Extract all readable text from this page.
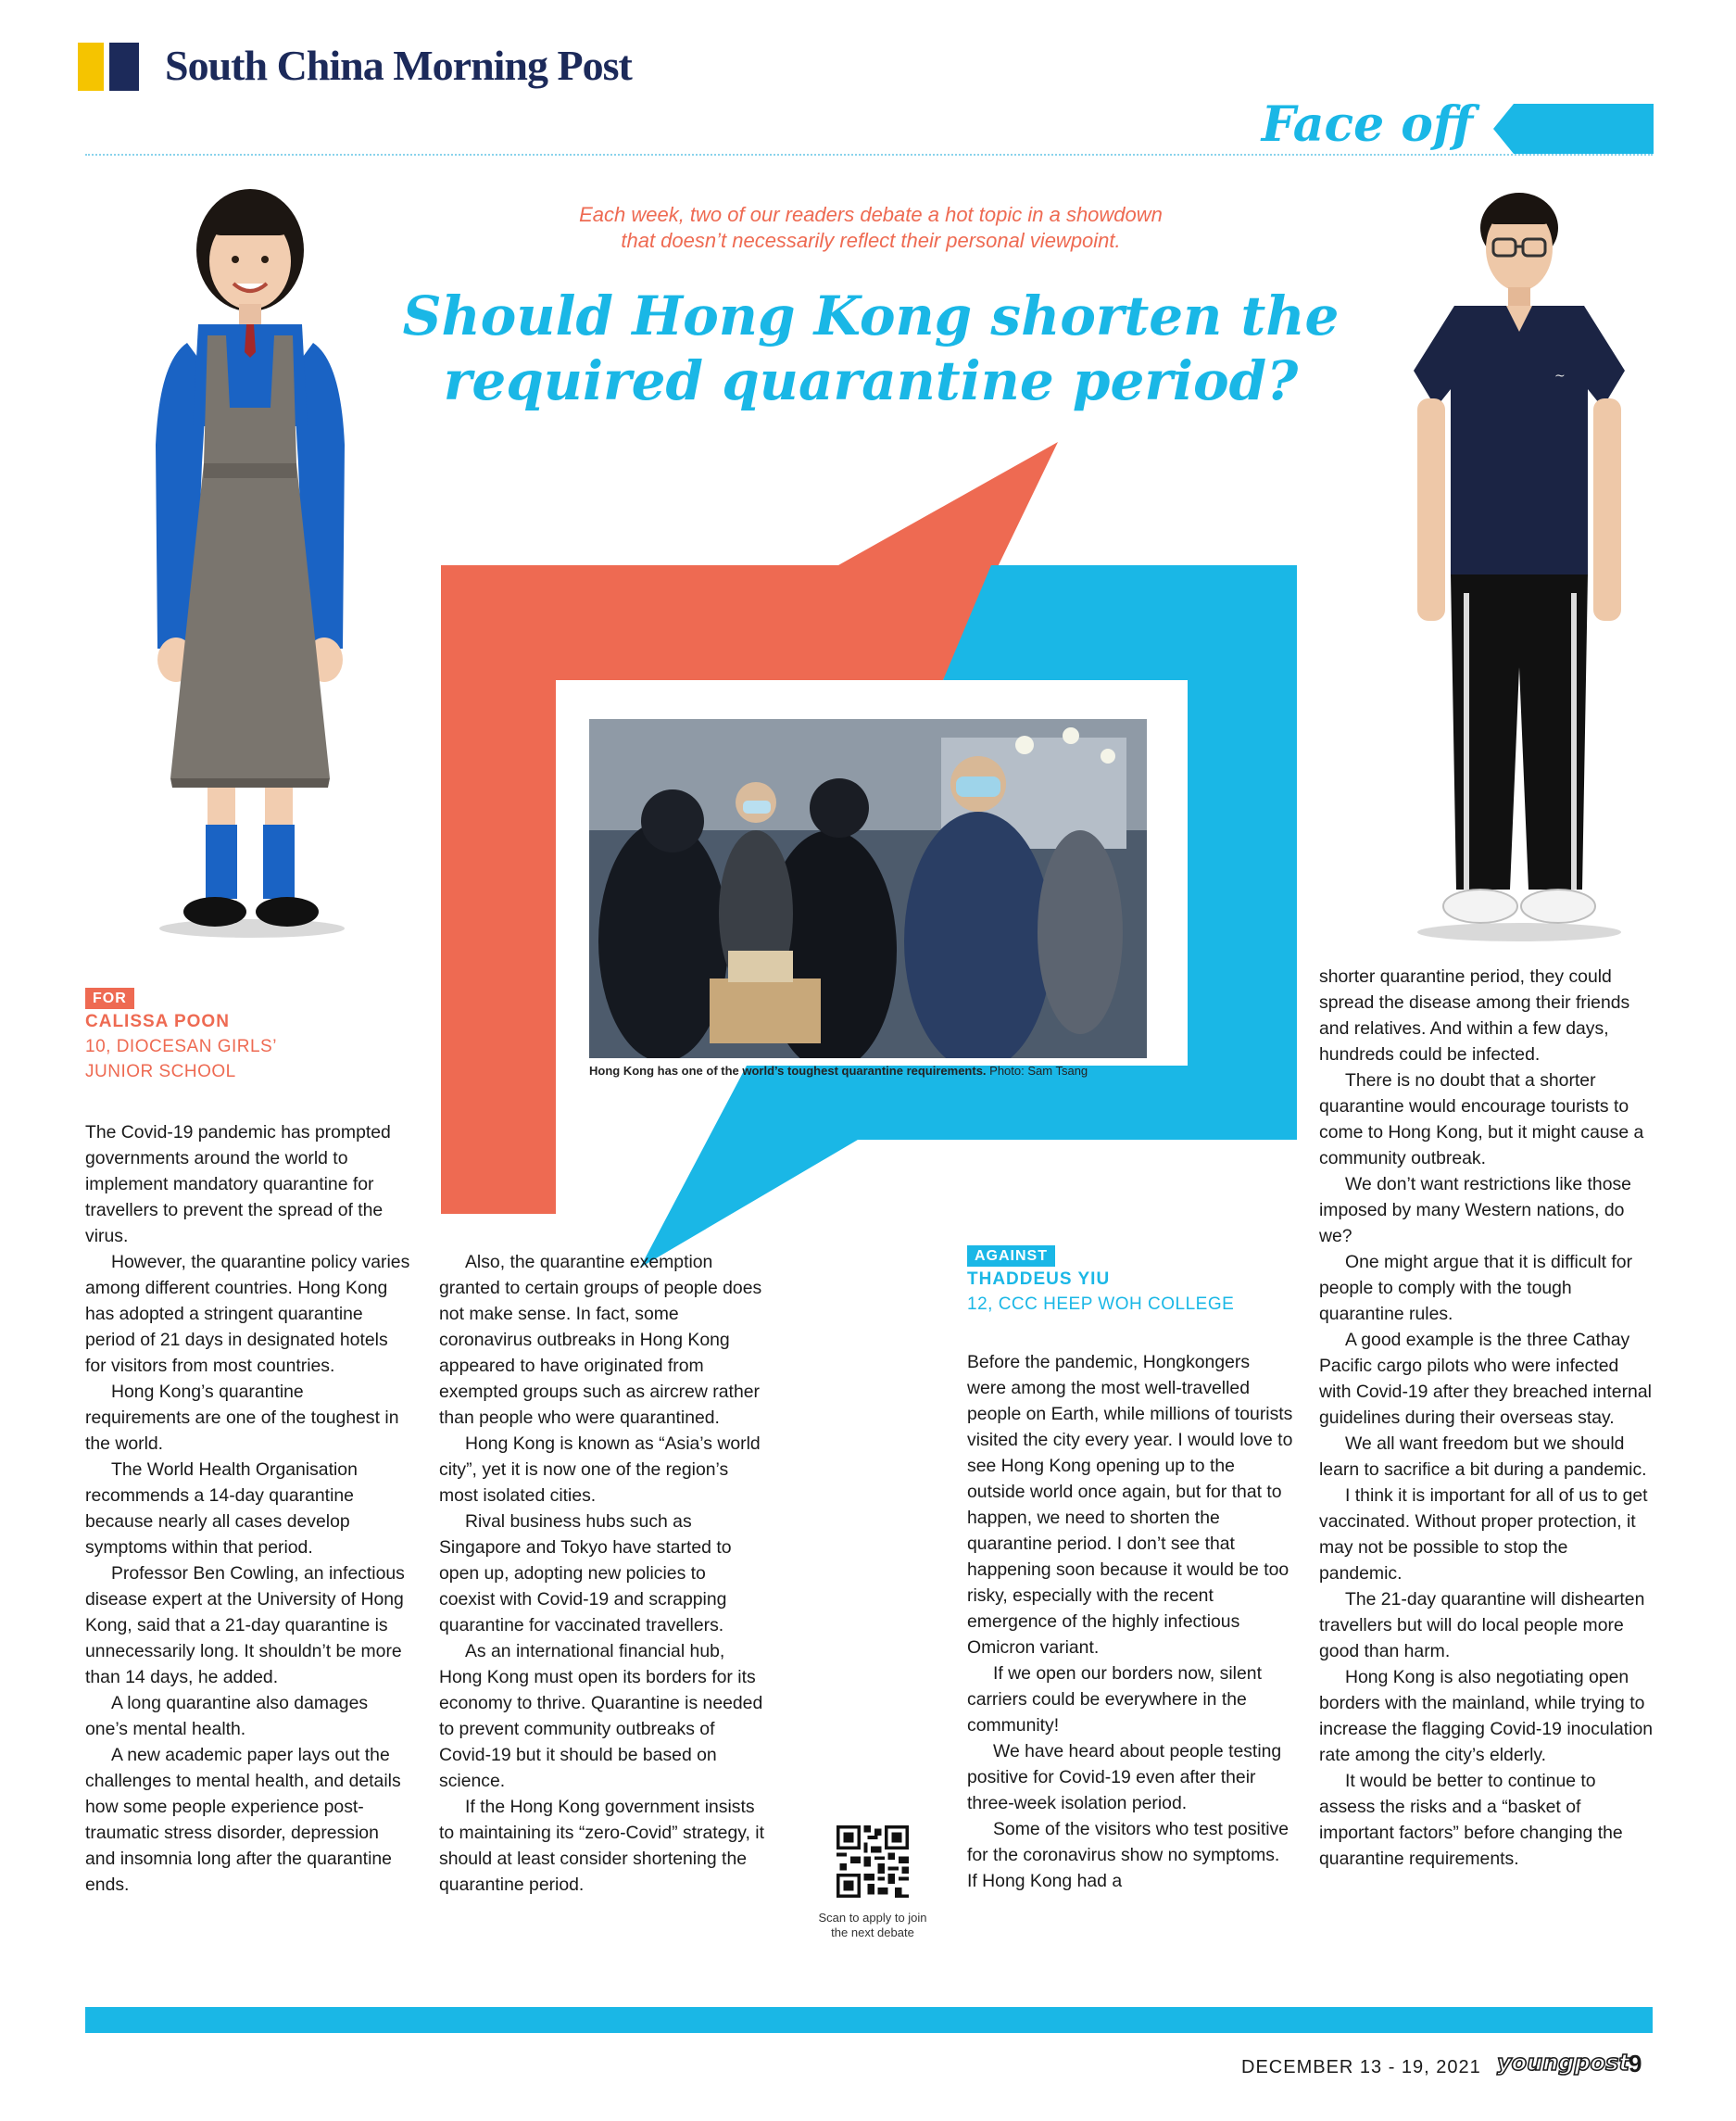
South China Morning Post
Face off
Each week, two of our readers debate a hot topic in a showdown
that doesn’t necessarily reflect their personal viewpoint.
Should Hong Kong shorten the
required quarantine period?	~
Hong Kong has one of the world’s toughest quarantine requirements. Photo: Sam Tsang
FOR
CALISSA POON
10, DIOCESAN GIRLS’
JUNIOR SCHOOL

The Covid-19 pandemic has prompted governments around the world to implement mandatory quarantine for travellers to prevent the spread of the virus.

However, the quarantine policy varies among different countries. Hong Kong has adopted a stringent quarantine period of 21 days in designated hotels for visitors from most countries.

Hong Kong’s quarantine requirements are one of the toughest in the world.

The World Health Organisation recommends a 14-day quarantine because nearly all cases develop symptoms within that period.

Professor Ben Cowling, an infectious disease expert at the University of Hong Kong, said that a 21-day quarantine is unnecessarily long. It shouldn’t be more than 14 days, he added.

A long quarantine also damages one’s mental health.

A new academic paper lays out the challenges to mental health, and details how some people experience post-traumatic stress disorder, depression and insomnia long after the quarantine ends.

Also, the quarantine exemption granted to certain groups of people does not make sense. In fact, some coronavirus outbreaks in Hong Kong appeared to have originated from exempted groups such as aircrew rather than people who were quarantined.

Hong Kong is known as “Asia’s world city”, yet it is now one of the region’s most isolated cities.

Rival business hubs such as Singapore and Tokyo have started to open up, adopting new policies to coexist with Covid-19 and scrapping quarantine for vaccinated travellers.

As an international financial hub, Hong Kong must open its borders for its economy to thrive. Quarantine is needed to prevent community outbreaks of Covid-19 but it should be based on science.

If the Hong Kong government insists to maintaining its “zero-Covid” strategy, it should at least consider shortening the quarantine period.

AGAINST
THADDEUS YIU
12, CCC HEEP WOH COLLEGE

Before the pandemic, Hongkongers were among the most well-travelled people on Earth, while millions of tourists visited the city every year. I would love to see Hong Kong opening up to the outside world once again, but for that to happen, we need to shorten the quarantine period. I don’t see that happening soon because it would be too risky, especially with the recent emergence of the highly infectious Omicron variant.

If we open our borders now, silent carriers could be everywhere in the community!

We have heard about people testing positive for Covid-19 even after their three-week isolation period.

Some of the visitors who test positive for the coronavirus show no symptoms. If Hong Kong had a

shorter quarantine period, they could spread the disease among their friends and relatives. And within a few days, hundreds could be infected.

There is no doubt that a shorter quarantine would encourage tourists to come to Hong Kong, but it might cause a community outbreak.

We don’t want restrictions like those imposed by many Western nations, do we?

One might argue that it is difficult for people to comply with the tough quarantine rules.

A good example is the three Cathay Pacific cargo pilots who were infected with Covid-19 after they breached internal guidelines during their overseas stay.

We all want freedom but we should learn to sacrifice a bit during a pandemic.

I think it is important for all of us to get vaccinated. Without proper protection, it may not be possible to stop the pandemic.

The 21-day quarantine will dishearten travellers but will do local people more good than harm.

Hong Kong is also negotiating open borders with the mainland, while trying to increase the flagging Covid-19 inoculation rate among the city’s elderly.

It would be better to continue to assess the risks and a “basket of important factors” before changing the quarantine requirements.

Scan to apply to join
the next debate
DECEMBER 13 - 19, 2021 youngpost 9
